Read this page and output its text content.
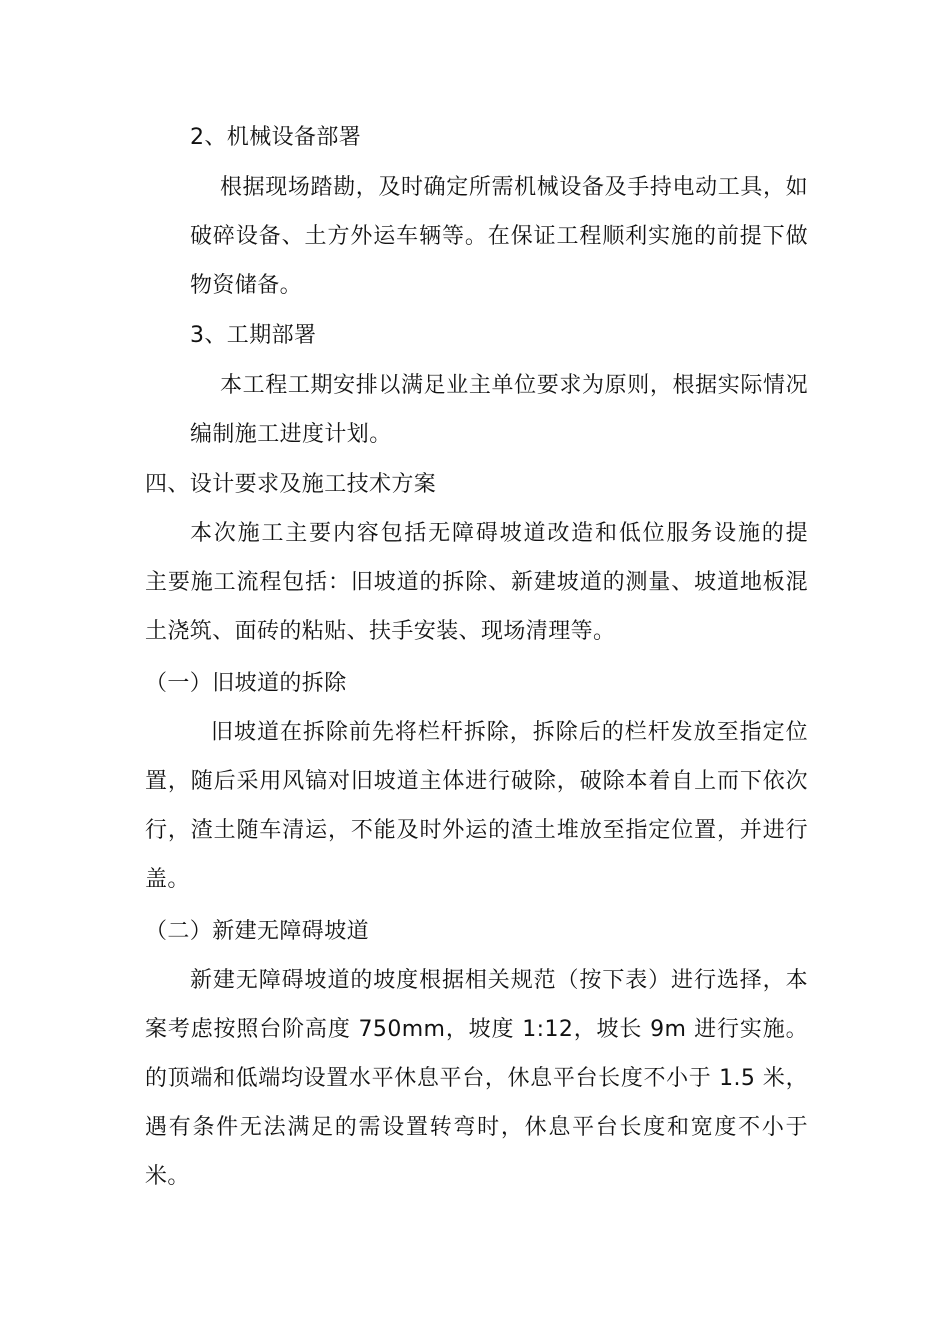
2、机械设备部署
根据现场踏勘，及时确定所需机械设备及手持电动工具，如
破碎设备、土方外运车辆等。在保证工程顺利实施的前提下做
物资储备。
3、工期部署
本工程工期安排以满足业主单位要求为原则，根据实际情况
编制施工进度计划。
四、设计要求及施工技术方案
本次施工主要内容包括无障碍坡道改造和低位服务设施的提
主要施工流程包括：旧坡道的拆除、新建坡道的测量、坡道地板混
土浇筑、面砖的粘贴、扶手安装、现场清理等。
（一）旧坡道的拆除
旧坡道在拆除前先将栏杆拆除，拆除后的栏杆发放至指定位
置，随后采用风镐对旧坡道主体进行破除，破除本着自上而下依次
行，渣土随车清运，不能及时外运的渣土堆放至指定位置，并进行
盖。
（二）新建无障碍坡道
新建无障碍坡道的坡度根据相关规范（按下表）进行选择，本
案考虑按照台阶高度 750mm，坡度 1:12，坡长 9m 进行实施。
的顶端和低端均设置水平休息平台，休息平台长度不小于 1.5 米，
遇有条件无法满足的需设置转弯时，休息平台长度和宽度不小于
米。
